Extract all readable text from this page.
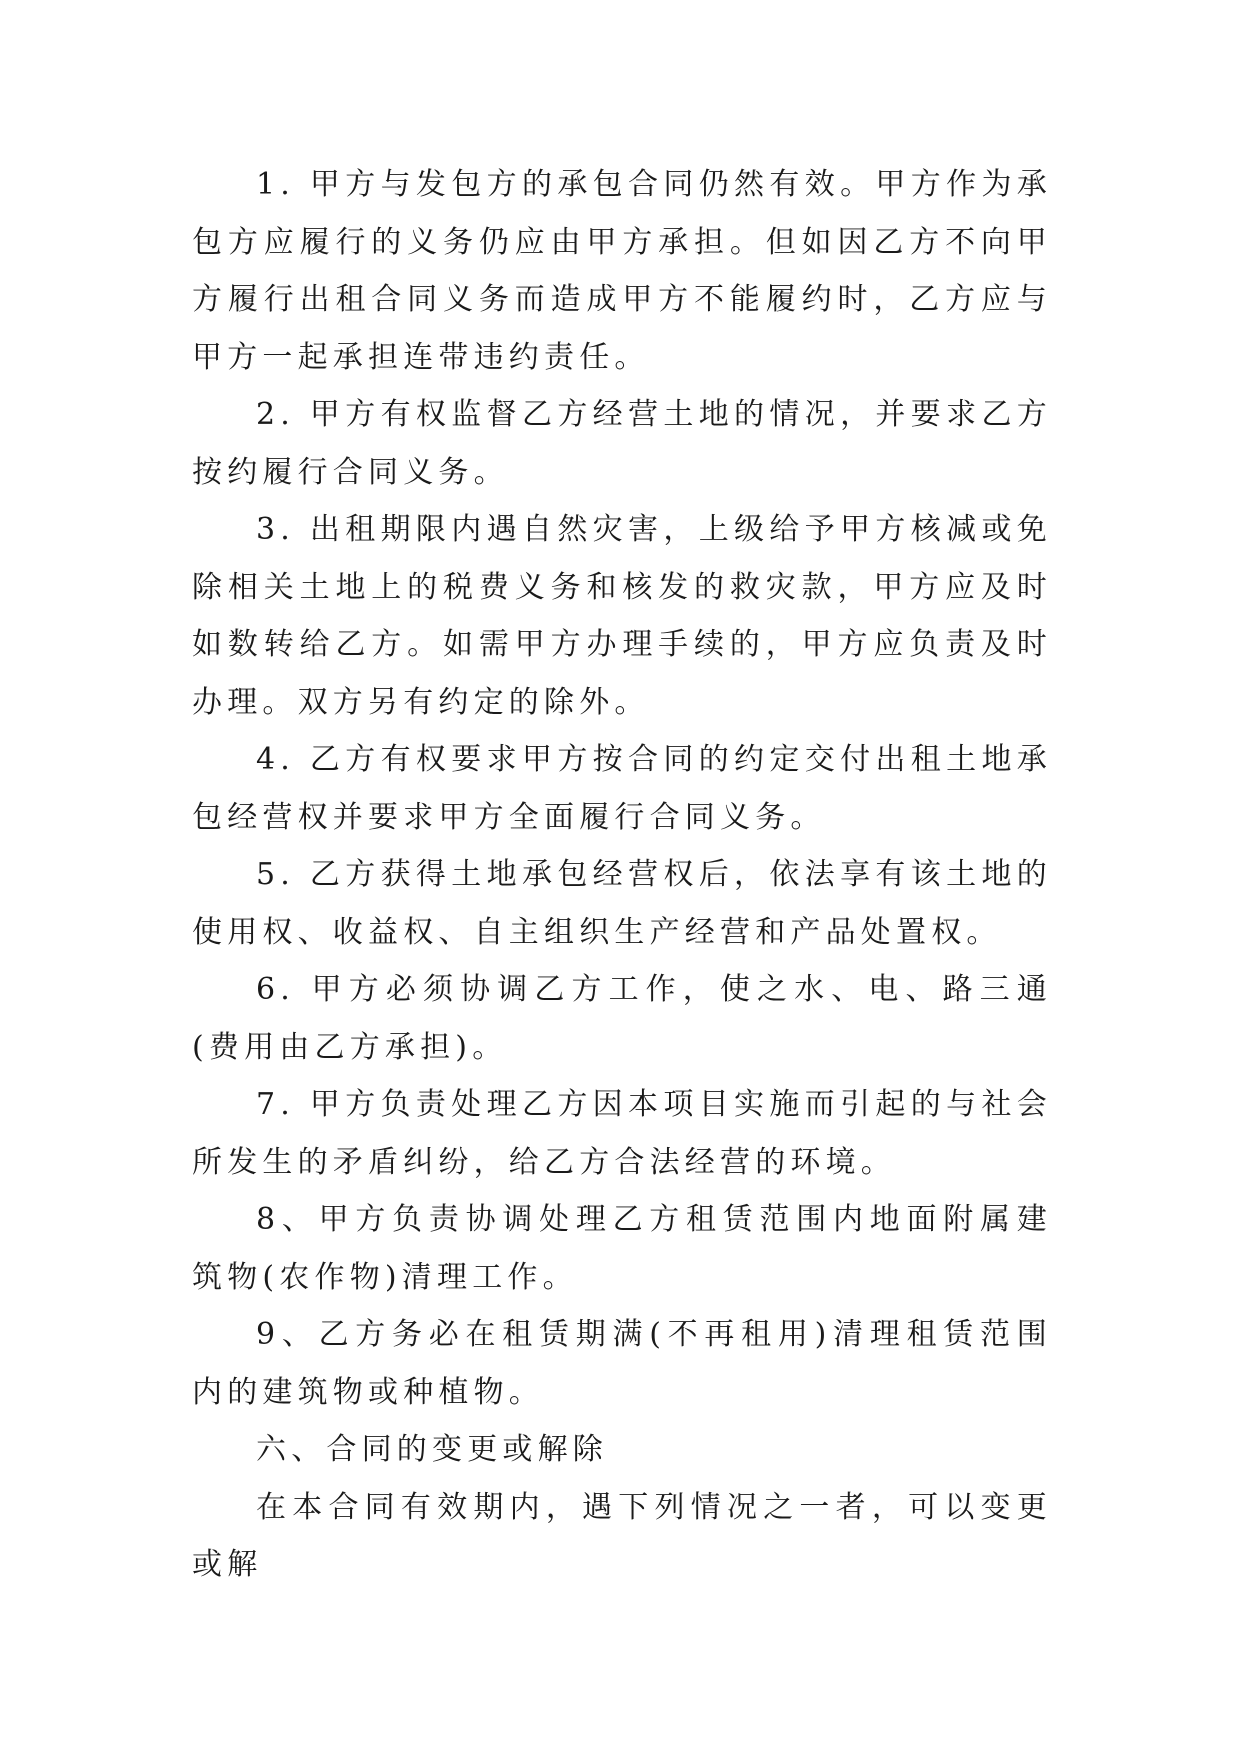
1. 甲方与发包方的承包合同仍然有效。甲方作为承包方应履行的义务仍应由甲方承担。但如因乙方不向甲方履行出租合同义务而造成甲方不能履约时，乙方应与甲方一起承担连带违约责任。

2. 甲方有权监督乙方经营土地的情况，并要求乙方按约履行合同义务。

3. 出租期限内遇自然灾害，上级给予甲方核减或免除相关土地上的税费义务和核发的救灾款，甲方应及时如数转给乙方。如需甲方办理手续的，甲方应负责及时办理。双方另有约定的除外。

4. 乙方有权要求甲方按合同的约定交付出租土地承包经营权并要求甲方全面履行合同义务。

5. 乙方获得土地承包经营权后，依法享有该土地的使用权、收益权、自主组织生产经营和产品处置权。

6. 甲方必须协调乙方工作，使之水、电、路三通(费用由乙方承担)。

7. 甲方负责处理乙方因本项目实施而引起的与社会所发生的矛盾纠纷，给乙方合法经营的环境。

8、甲方负责协调处理乙方租赁范围内地面附属建筑物(农作物)清理工作。

9、乙方务必在租赁期满(不再租用)清理租赁范围内的建筑物或种植物。

六、合同的变更或解除

在本合同有效期内，遇下列情况之一者，可以变更或解
